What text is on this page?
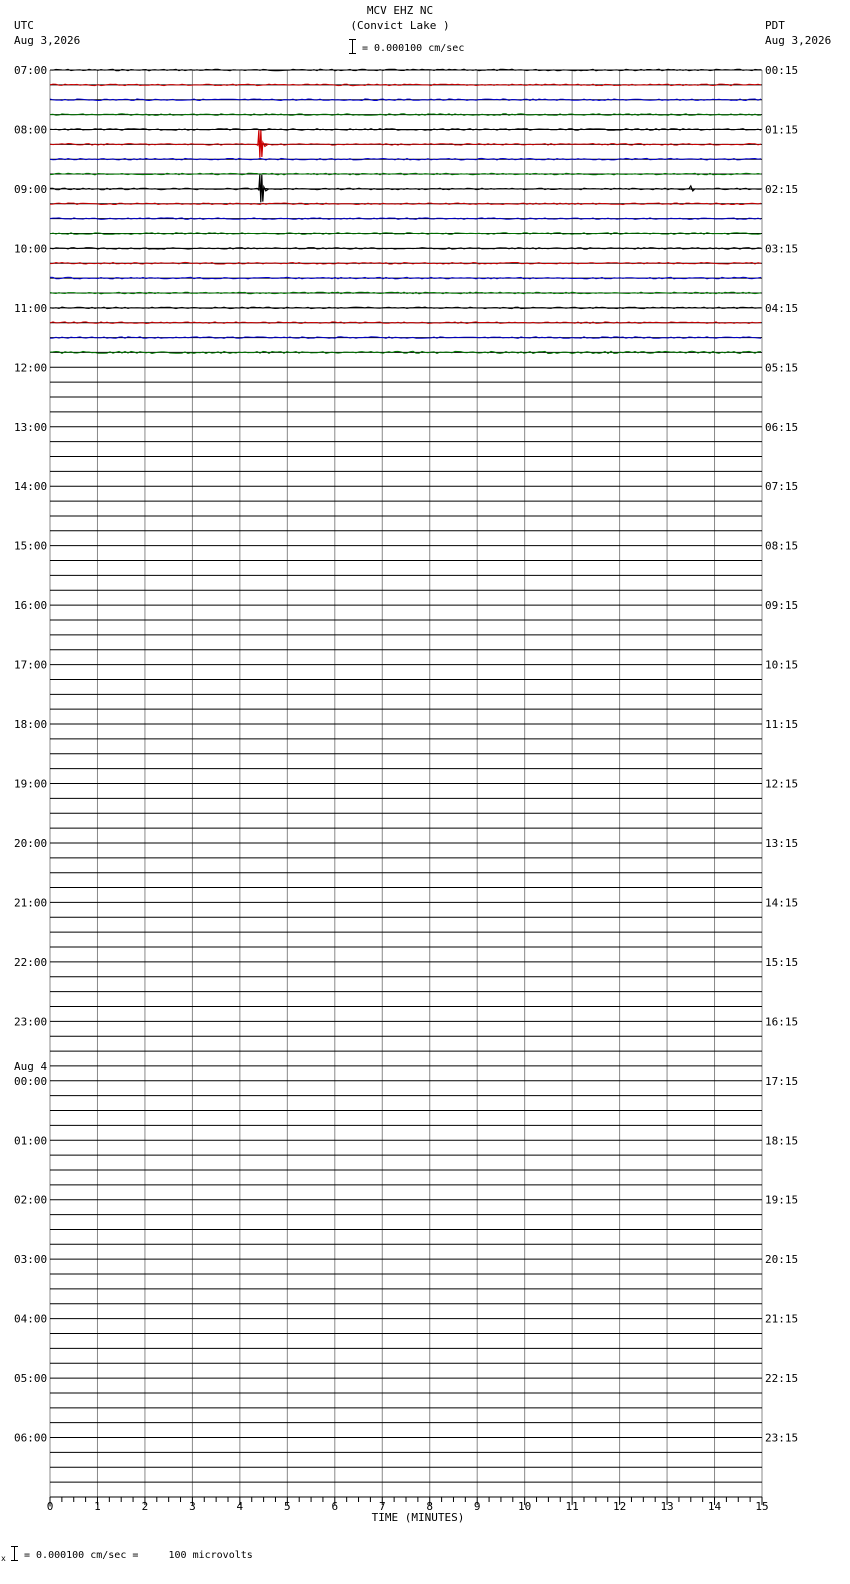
MCV EHZ NC
(Convict Lake )
= 0.000100 cm/sec
UTC
Aug 3,2026
PDT
Aug 3,2026
07:00	00:15
08:00	01:15
09:00	02:15
10:00	03:15
11:00	04:15
12:00	05:15
13:00	06:15
14:00	07:15
15:00	08:15
16:00	09:15
17:00	10:15
18:00	11:15
19:00	12:15
20:00	13:15
21:00	14:15
22:00	15:15
23:00	16:15
00:00	17:15
01:00	18:15
02:00	19:15
03:00	20:15
04:00	21:15
05:00	22:15
06:00	23:15
Aug 4
0	1	2	3	4	5	6	7	8	9	10	11	12	13	14	15
TIME (MINUTES)
x = 0.000100 cm/sec =     100 microvolts
